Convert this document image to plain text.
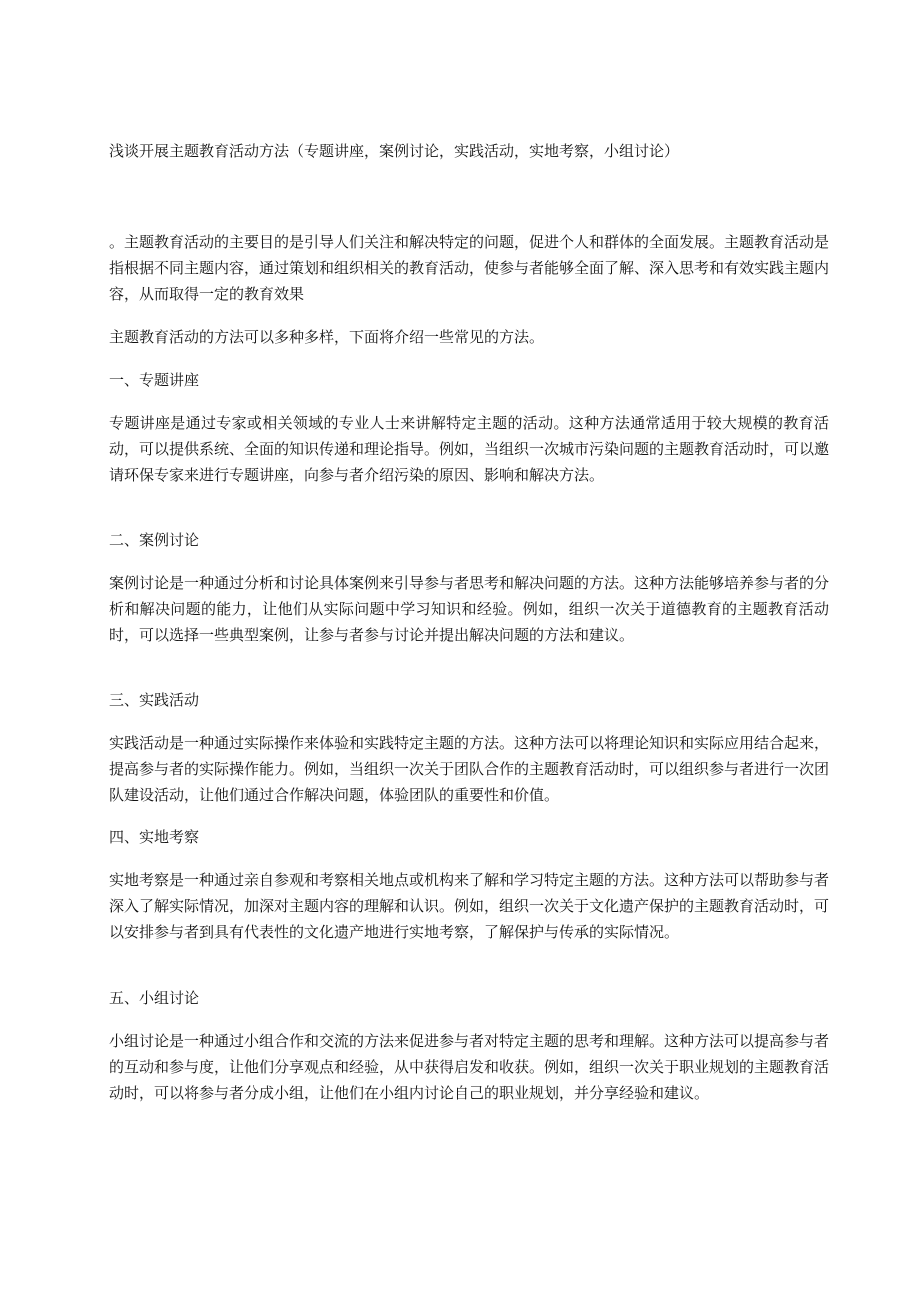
浅谈开展主题教育活动方法（专题讲座，案例讨论，实践活动，实地考察，小组讨论）

。主题教育活动的主要目的是引导人们关注和解决特定的问题，促进个人和群体的全面发展。主题教育活动是指根据不同主题内容，通过策划和组织相关的教育活动，使参与者能够全面了解、深入思考和有效实践主题内容，从而取得一定的教育效果

主题教育活动的方法可以多种多样，下面将介绍一些常见的方法。

一、专题讲座

专题讲座是通过专家或相关领域的专业人士来讲解特定主题的活动。这种方法通常适用于较大规模的教育活动，可以提供系统、全面的知识传递和理论指导。例如，当组织一次城市污染问题的主题教育活动时，可以邀请环保专家来进行专题讲座，向参与者介绍污染的原因、影响和解决方法。

二、案例讨论

案例讨论是一种通过分析和讨论具体案例来引导参与者思考和解决问题的方法。这种方法能够培养参与者的分析和解决问题的能力，让他们从实际问题中学习知识和经验。例如，组织一次关于道德教育的主题教育活动时，可以选择一些典型案例，让参与者参与讨论并提出解决问题的方法和建议。

三、实践活动

实践活动是一种通过实际操作来体验和实践特定主题的方法。这种方法可以将理论知识和实际应用结合起来，提高参与者的实际操作能力。例如，当组织一次关于团队合作的主题教育活动时，可以组织参与者进行一次团队建设活动，让他们通过合作解决问题，体验团队的重要性和价值。

四、实地考察

实地考察是一种通过亲自参观和考察相关地点或机构来了解和学习特定主题的方法。这种方法可以帮助参与者深入了解实际情况，加深对主题内容的理解和认识。例如，组织一次关于文化遗产保护的主题教育活动时，可以安排参与者到具有代表性的文化遗产地进行实地考察，了解保护与传承的实际情况。

五、小组讨论

小组讨论是一种通过小组合作和交流的方法来促进参与者对特定主题的思考和理解。这种方法可以提高参与者的互动和参与度，让他们分享观点和经验，从中获得启发和收获。例如，组织一次关于职业规划的主题教育活动时，可以将参与者分成小组，让他们在小组内讨论自己的职业规划，并分享经验和建议。
